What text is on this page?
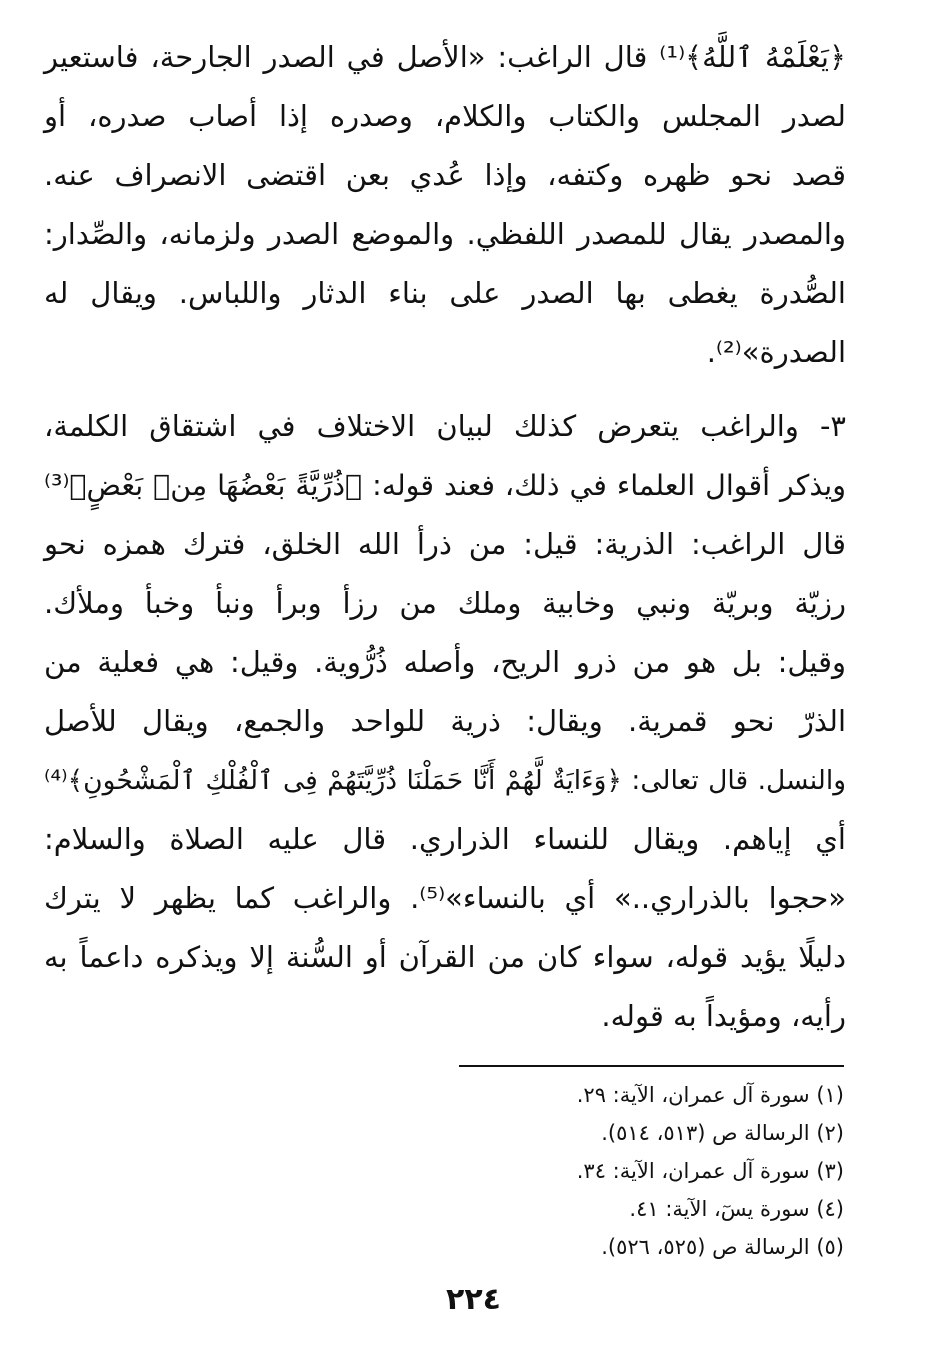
﴿يَعْلَمْهُ ٱللَّهُ﴾⁽¹⁾ قال الراغب: «الأصل في الصدر الجارحة، فاستعير
لصدر المجلس والكتاب والكلام، وصدره إذا أصاب صدره، أو
قصد نحو ظهره وكتفه، وإذا عُدي بعن اقتضى الانصراف عنه.
والمصدر يقال للمصدر اللفظي. والموضع الصدر ولزمانه، والصِّدار:
الصُّدرة يغطى بها الصدر على بناء الدثار واللباس. ويقال له
الصدرة»⁽²⁾.

٣- والراغب يتعرض كذلك لبيان الاختلاف في اشتقاق الكلمة،
ويذكر أقوال العلماء في ذلك، فعند قوله: ﴿ذُرِّيَّةً بَعْضُهَا مِنۢ بَعْضٍ﴾⁽³⁾
قال الراغب: الذرية: قيل: من ذرأ الله الخلق، فترك همزه نحو
رزيّة وبريّة ونبي وخابية وملك من رزأ وبرأ ونبأ وخبأ وملأك.
وقيل: بل هو من ذرو الريح، وأصله ذُرُّوية. وقيل: هي فعلية من
الذرّ نحو قمرية. ويقال: ذرية للواحد والجمع، ويقال للأصل
والنسل. قال تعالى: ﴿وَءَايَةٌ لَّهُمْ أَنَّا حَمَلْنَا ذُرِّيَّتَهُمْ فِى ٱلْفُلْكِ ٱلْمَشْحُونِ﴾⁽⁴⁾
أي إياهم. ويقال للنساء الذراري. قال عليه الصلاة والسلام:
«حجوا بالذراري..» أي بالنساء»⁽⁵⁾. والراغب كما يظهر لا يترك
دليلًا يؤيد قوله، سواء كان من القرآن أو السُّنة إلا ويذكره داعماً به
رأيه، ومؤيداً به قوله.

(١) سورة آل عمران، الآية: ٢٩.
(٢) الرسالة ص (٥١٣، ٥١٤).
(٣) سورة آل عمران، الآية: ٣٤.
(٤) سورة يسٓ، الآية: ٤١.
(٥) الرسالة ص (٥٢٥، ٥٢٦).
٢٢٤
